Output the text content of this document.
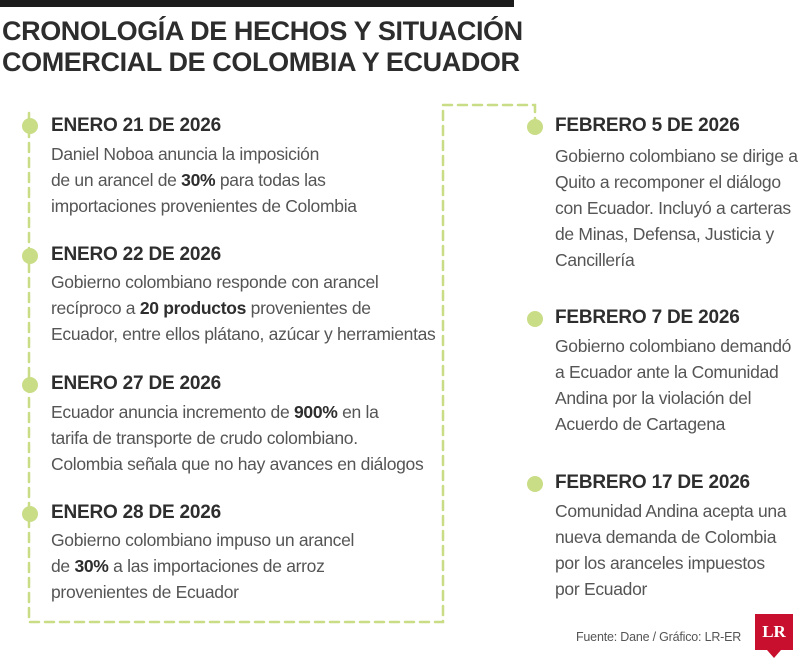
CRONOLOGÍA DE HECHOS Y SITUACIÓN
COMERCIAL DE COLOMBIA Y ECUADOR

ENERO 21 DE 2026

Daniel Noboa anuncia la imposición
de un arancel de 30% para todas las
importaciones provenientes de Colombia

ENERO 22 DE 2026

Gobierno colombiano responde con arancel
recíproco a 20 productos provenientes de
Ecuador, entre ellos plátano, azúcar y herramientas

ENERO 27 DE 2026

Ecuador anuncia incremento de 900% en la
tarifa de transporte de crudo colombiano.
Colombia señala que no hay avances en diálogos

ENERO 28 DE 2026

Gobierno colombiano impuso un arancel
de 30% a las importaciones de arroz
provenientes de Ecuador

FEBRERO 5 DE 2026

Gobierno colombiano se dirige a
Quito a recomponer el diálogo
con Ecuador. Incluyó a carteras
de Minas, Defensa, Justicia y
Cancillería

FEBRERO 7 DE 2026

Gobierno colombiano demandó
a Ecuador ante la Comunidad
Andina por la violación del
Acuerdo de Cartagena

FEBRERO 17 DE 2026

Comunidad Andina acepta una
nueva demanda de Colombia
por los aranceles impuestos
por Ecuador

Fuente: Dane / Gráfico: LR-ER	LR
